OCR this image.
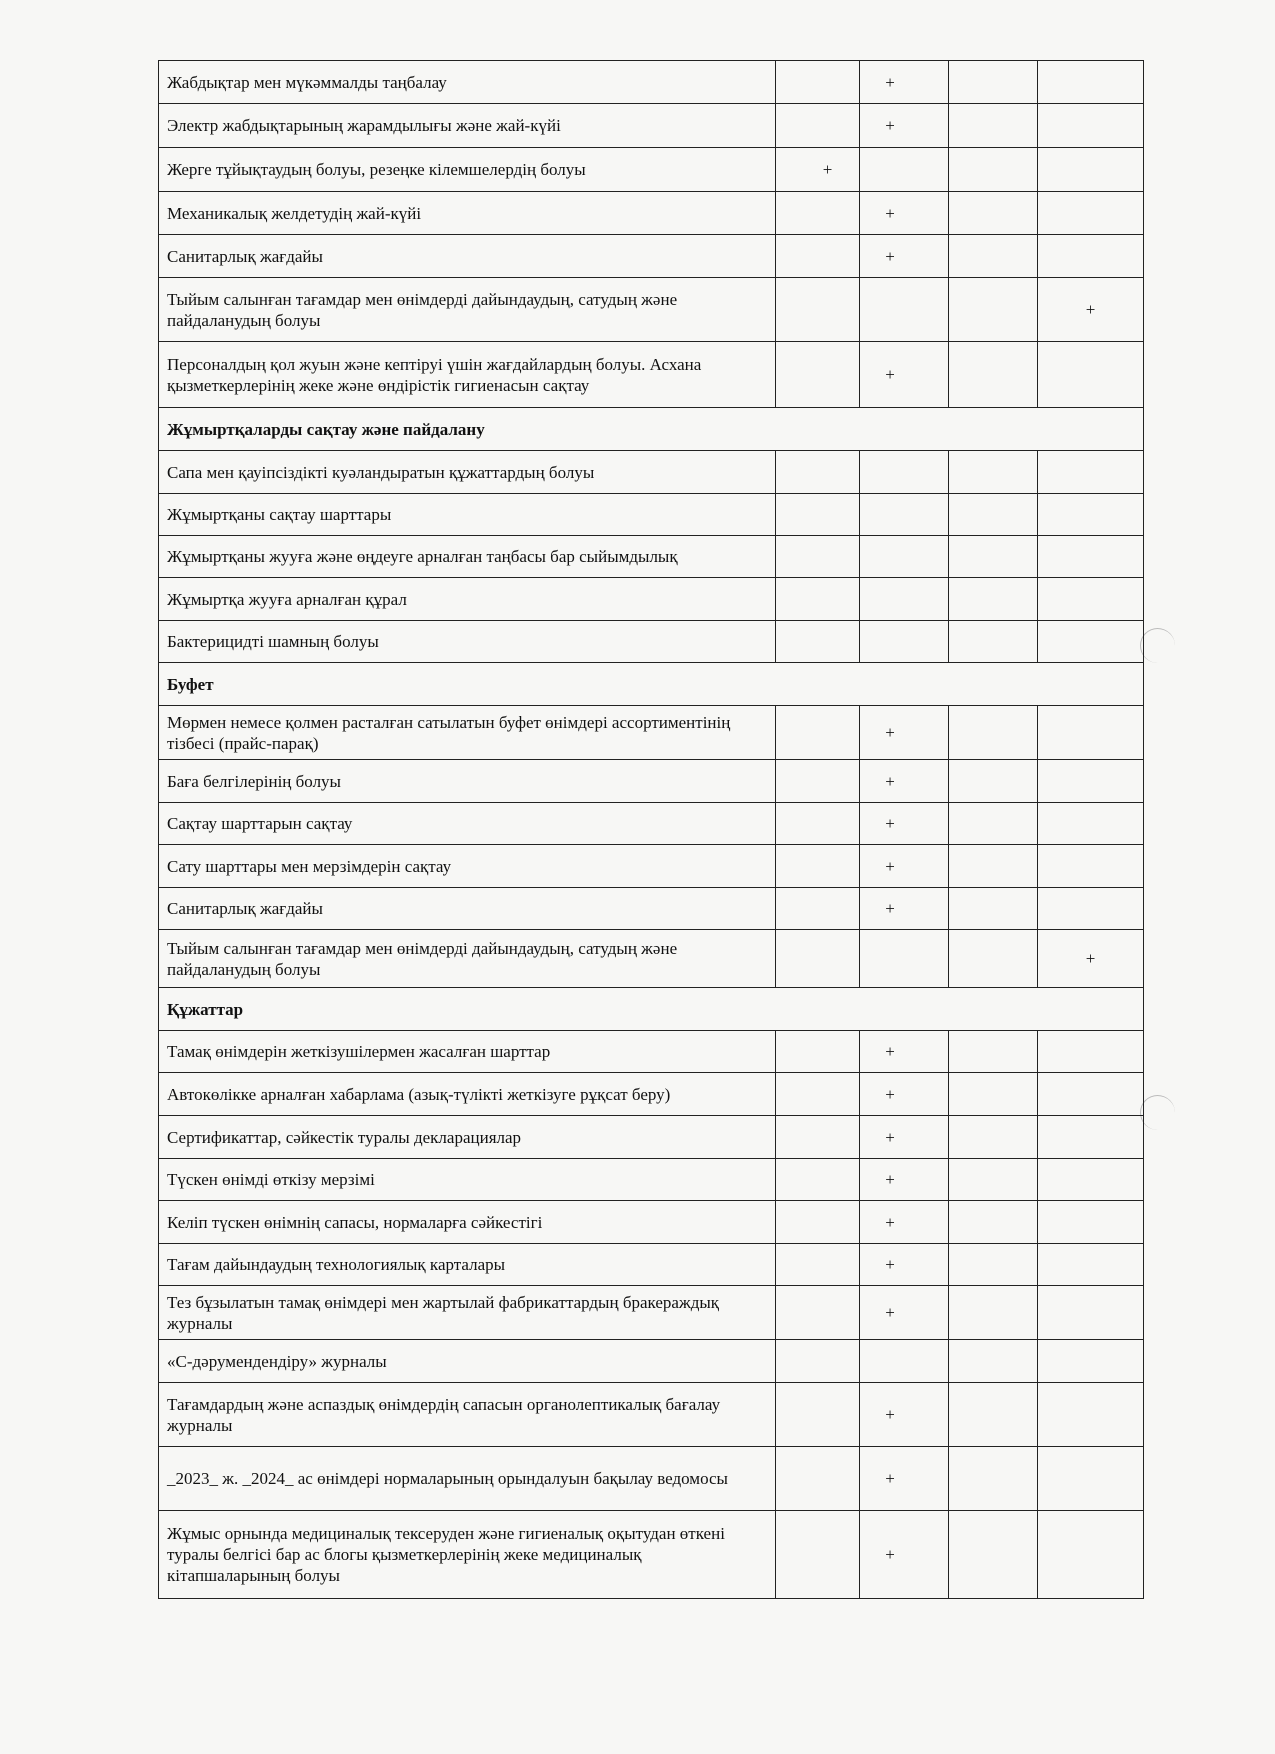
Жабдықтар мен мүкәммалды таңбалау		+		
Электр жабдықтарының жарамдылығы және жай-күйі		+		
Жерге тұйықтаудың болуы, резеңке кілемшелердің болуы	+			
Механикалық желдетудің жай-күйі		+		
Санитарлық жағдайы		+		
Тыйым салынған тағамдар мен өнімдерді дайындаудың, сатудың және пайдаланудың болуы				+
Персоналдың қол жуын және кептіруі үшін жағдайлардың болуы. Асхана қызметкерлерінің жеке және өндірістік гигиенасын сақтау		+		
Жұмыртқаларды сақтау және пайдалану				
Сапа мен қауіпсіздікті куәландыратын құжаттардың болуы				
Жұмыртқаны сақтау шарттары				
Жұмыртқаны жууға және өңдеуге арналған таңбасы бар сыйымдылық				
Жұмыртқа жууға арналған құрал				
Бактерицидті шамның болуы				
Буфет				
Мөрмен немесе қолмен расталған сатылатын буфет өнімдері ассортиментінің тізбесі (прайс-парақ)		+		
Баға белгілерінің болуы		+		
Сақтау шарттарын сақтау		+		
Сату шарттары мен мерзімдерін сақтау		+		
Санитарлық жағдайы		+		
Тыйым салынған тағамдар мен өнімдерді дайындаудың, сатудың және пайдаланудың болуы				+
Құжаттар				
Тамақ өнімдерін жеткізушілермен жасалған шарттар		+		
Автокөлікке арналған хабарлама (азық-түлікті жеткізуге рұқсат беру)		+		
Сертификаттар, сәйкестік туралы декларациялар		+		
Түскен өнімді өткізу мерзімі		+		
Келіп түскен өнімнің сапасы, нормаларға сәйкестігі		+		
Тағам дайындаудың технологиялық карталары		+		
Тез бұзылатын тамақ өнімдері мен жартылай фабрикаттардың бракераждық журналы		+		
«С-дәрумендендіру» журналы				
Тағамдардың және аспаздық өнімдердің сапасын органолептикалық бағалау журналы		+		
_2023_ ж. _2024_ ас өнімдері нормаларының орындалуын бақылау ведомосы		+		
Жұмыс орнында медициналық тексеруден және гигиеналық оқытудан өткені туралы белгісі бар ас блогы қызметкерлерінің жеке медициналық кітапшаларының болуы		+		
